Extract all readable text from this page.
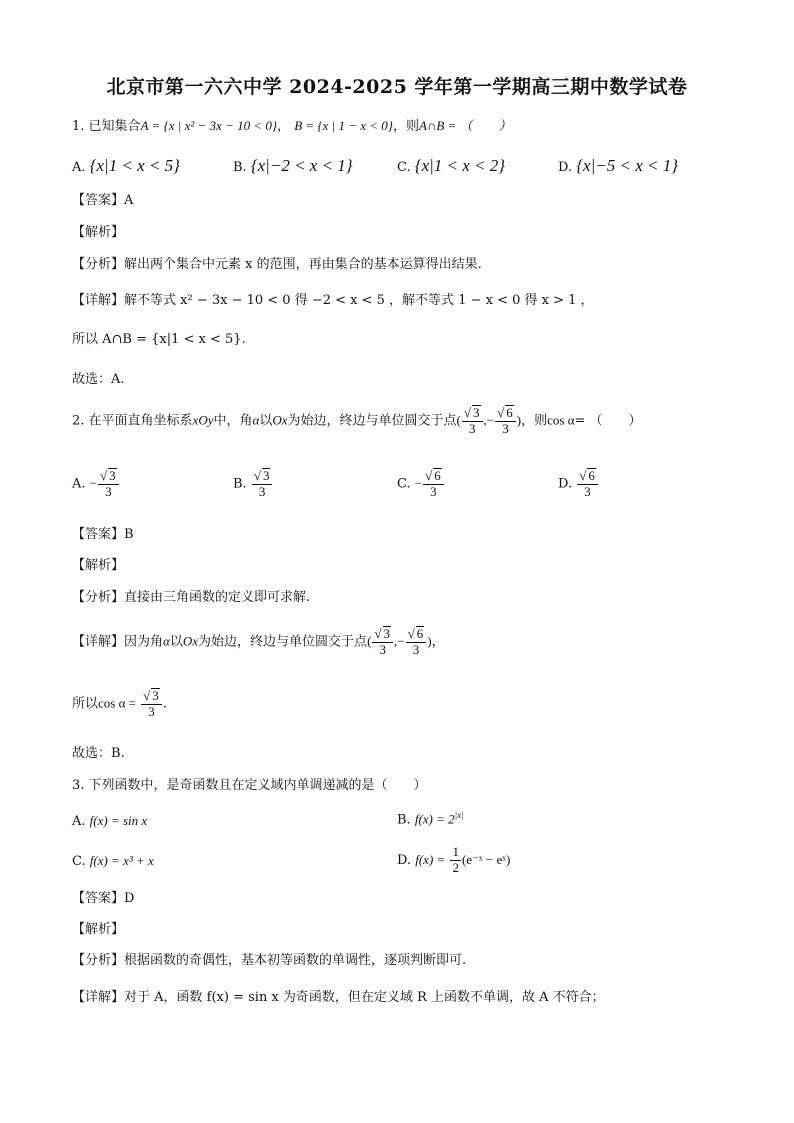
北京市第一六六中学 2024-2025 学年第一学期高三期中数学试卷
1. 已知集合A = {x | x² − 3x − 10 < 0}， B = {x | 1 − x < 0}，则A∩B = （　　）
A. {x|1 < x < 5}	B. {x|−2 < x < 1}	C. {x|1 < x < 2}	D. {x|−5 < x < 1}
【答案】A
【解析】
【分析】解出两个集合中元素 x 的范围，再由集合的基本运算得出结果.
【详解】解不等式 x² − 3x − 10 < 0 得 −2 < x < 5 ，解不等式 1 − x < 0 得 x > 1 ，
所以 A∩B = {x|1 < x < 5}.
故选：A.
2. 在平面直角坐标系xOy中，角α以Ox为始边，终边与单位圆交于点( √ $\frac{3}{3}$ ,− √ $\frac{6}{3}$ )，则cos α= （　　）
A. − √ $\frac{3}{3}$	B. √ $\frac{3}{3}$	C. − √ $\frac{6}{3}$	D. √ $\frac{6}{3}$
【答案】B
【解析】
【分析】直接由三角函数的定义即可求解.
【详解】因为角α以Ox为始边，终边与单位圆交于点( √ $\frac{3}{3}$ ,− √ $\frac{6}{3}$ )，
所以cos α = √ $\frac{3}{3}$ .
故选：B.
3. 下列函数中，是奇函数且在定义域内单调递减的是（　　）
A. f(x) = sin x	B. $f(x) = 2^{|x|}$
C. f(x) = x³ + x	D. $f(x) = \frac{1}{2}$ (e⁻ˣ − eˣ)
【答案】D
【解析】
【分析】根据函数的奇偶性，基本初等函数的单调性，逐项判断即可.
【详解】对于 A，函数 f(x) = sin x 为奇函数，但在定义域 R 上函数不单调，故 A 不符合；
